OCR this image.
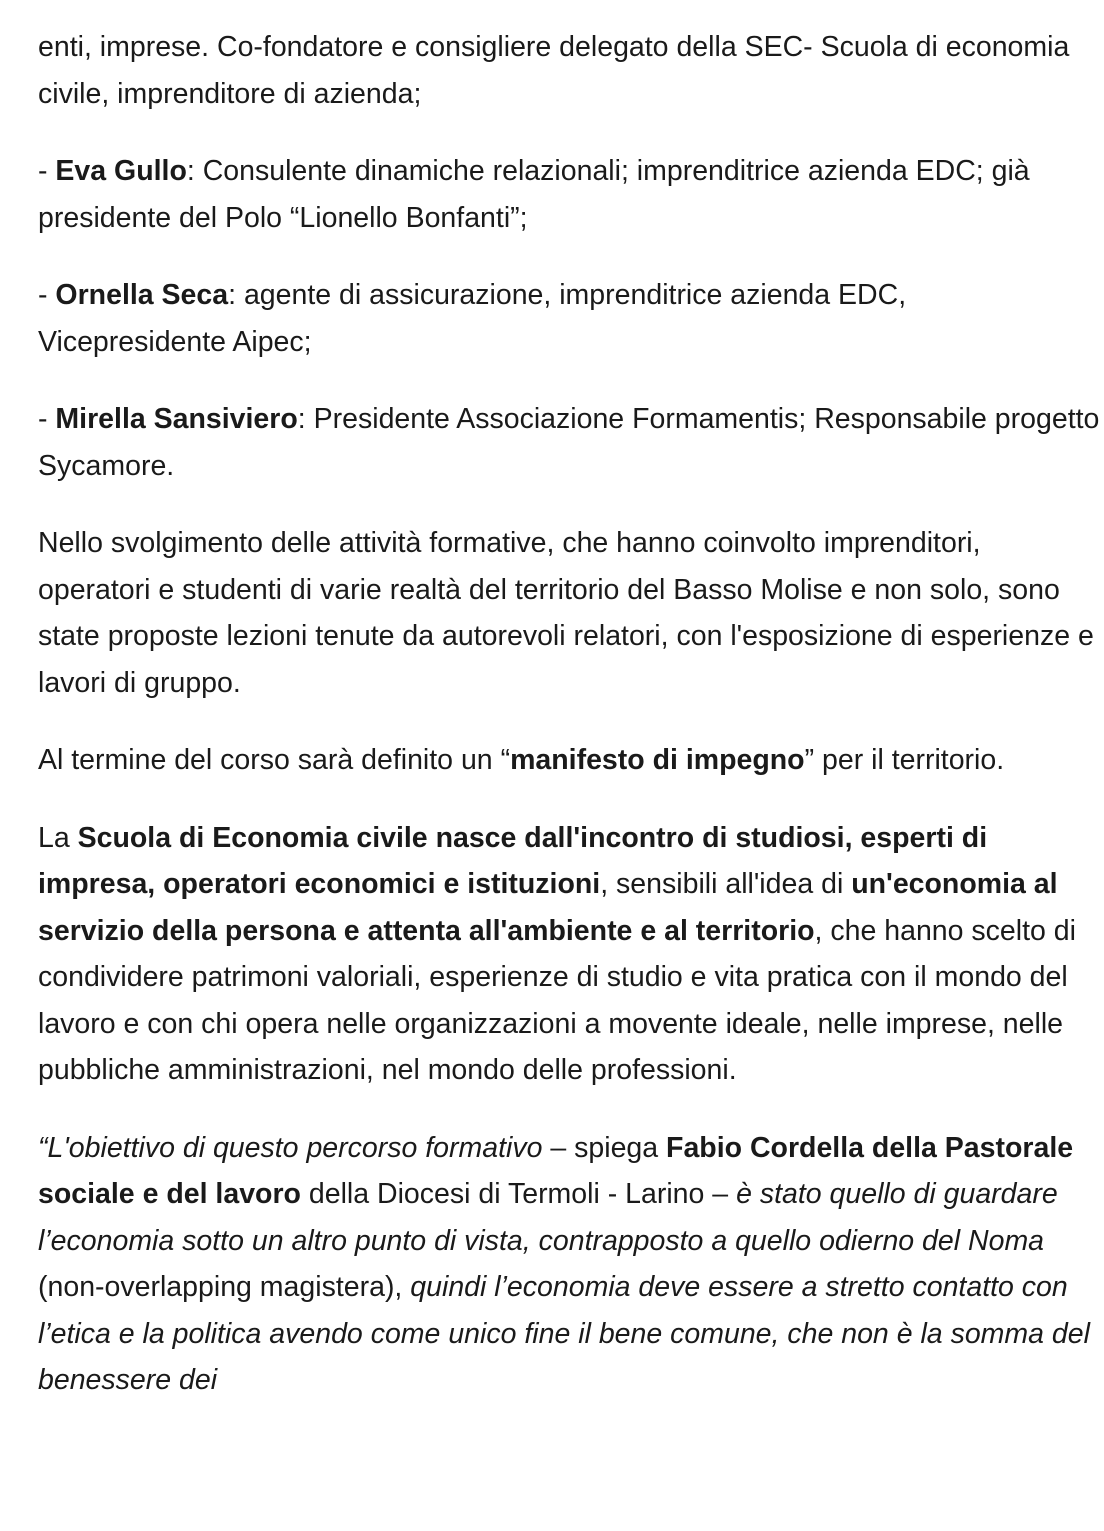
enti, imprese. Co-fondatore e consigliere delegato della SEC- Scuola di economia civile, imprenditore di azienda;

- Eva Gullo: Consulente dinamiche relazionali; imprenditrice azienda EDC; già presidente del Polo “Lionello Bonfanti”;

- Ornella Seca: agente di assicurazione, imprenditrice azienda EDC, Vicepresidente Aipec;

- Mirella Sansiviero: Presidente Associazione Formamentis; Responsabile progetto Sycamore.

Nello svolgimento delle attività formative, che hanno coinvolto imprenditori, operatori e studenti di varie realtà del territorio del Basso Molise e non solo, sono state proposte lezioni tenute da autorevoli relatori, con l'esposizione di esperienze e lavori di gruppo.

Al termine del corso sarà definito un “manifesto di impegno” per il territorio.

La Scuola di Economia civile nasce dall'incontro di studiosi, esperti di impresa, operatori economici e istituzioni, sensibili all'idea di un'economia al servizio della persona e attenta all'ambiente e al territorio, che hanno scelto di condividere patrimoni valoriali, esperienze di studio e vita pratica con il mondo del lavoro e con chi opera nelle organizzazioni a movente ideale, nelle imprese, nelle pubbliche amministrazioni, nel mondo delle professioni.

“L'obiettivo di questo percorso formativo – spiega Fabio Cordella della Pastorale sociale e del lavoro della Diocesi di Termoli - Larino – è stato quello di guardare l’economia sotto un altro punto di vista, contrapposto a quello odierno del Noma (non-overlapping magistera), quindi l’economia deve essere a stretto contatto con l’etica e la politica avendo come unico fine il bene comune, che non è la somma del benessere dei
